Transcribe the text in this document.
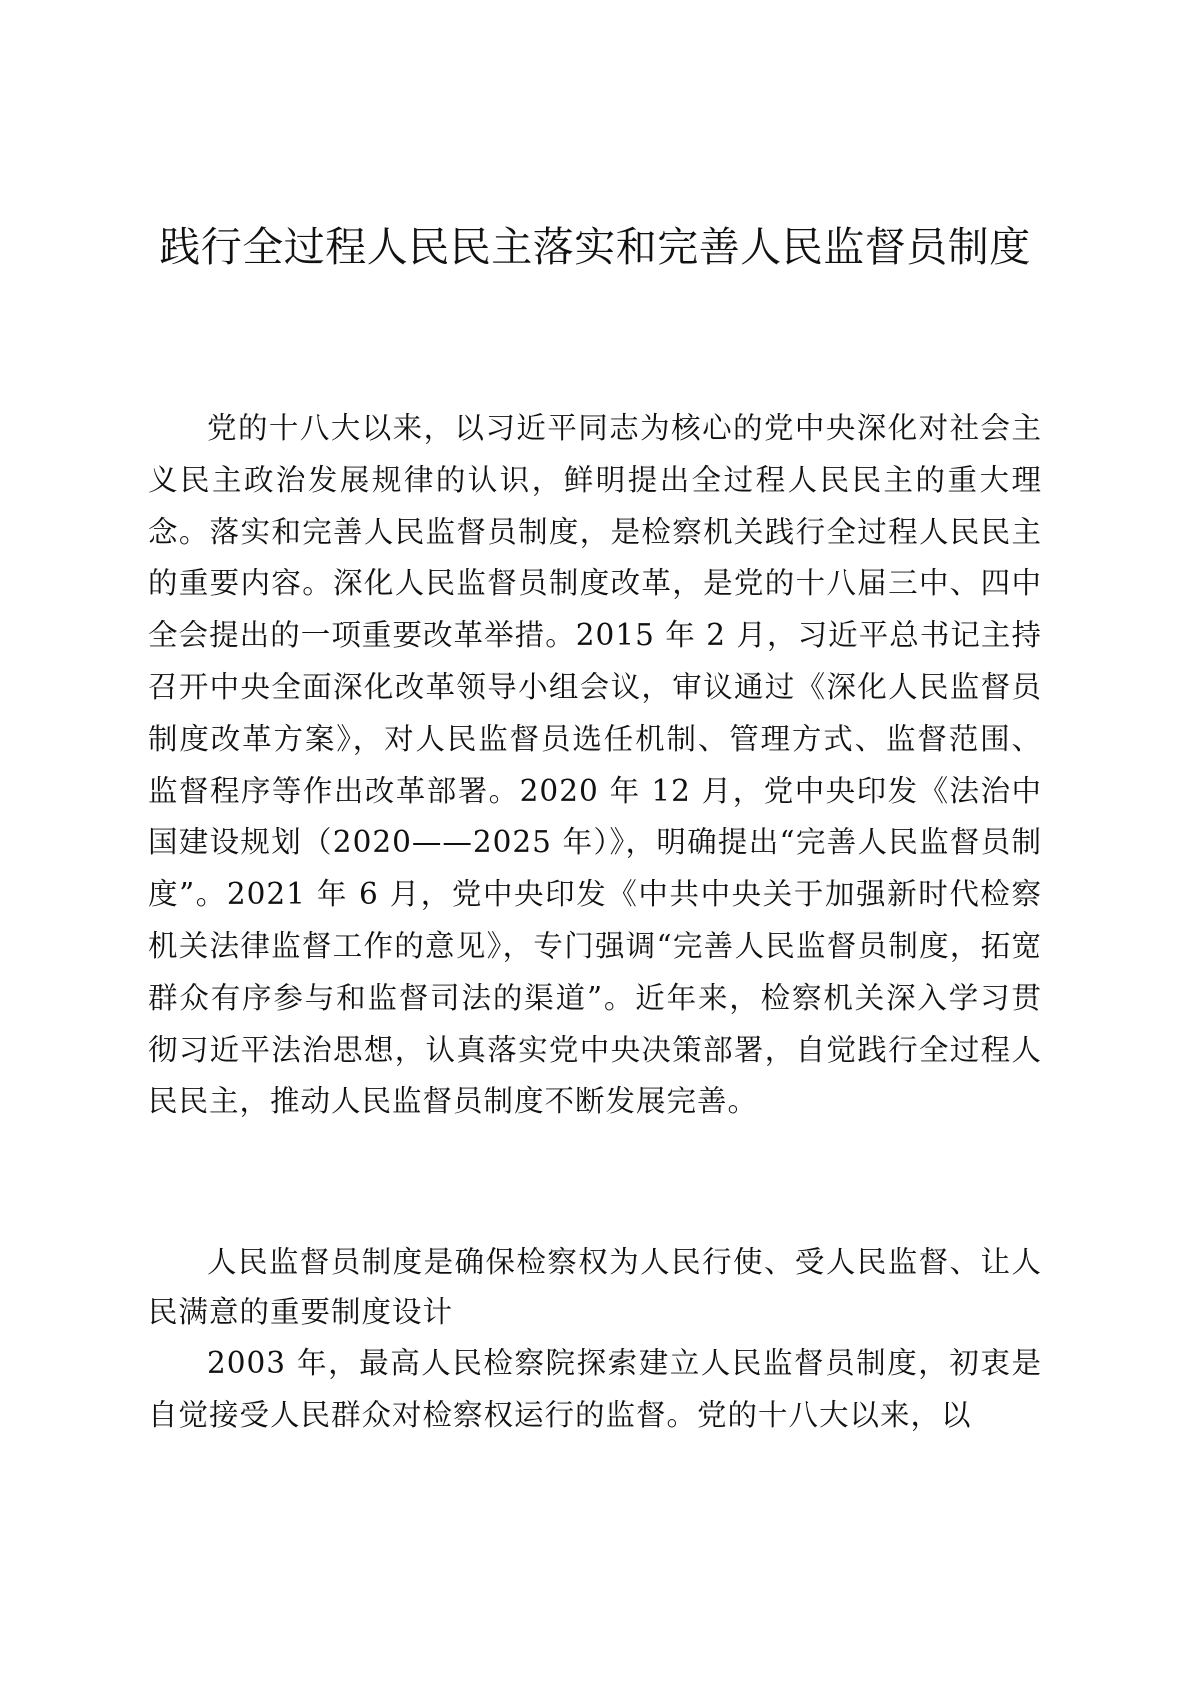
践行全过程人民民主落实和完善人民监督员制度

党的十八大以来，以习近平同志为核心的党中央深化对社会主义民主政治发展规律的认识，鲜明提出全过程人民民主的重大理念。落实和完善人民监督员制度，是检察机关践行全过程人民民主的重要内容。深化人民监督员制度改革，是党的十八届三中、四中全会提出的一项重要改革举措。2015 年 2 月，习近平总书记主持召开中央全面深化改革领导小组会议，审议通过《深化人民监督员制度改革方案》，对人民监督员选任机制、管理方式、监督范围、监督程序等作出改革部署。2020 年 12 月，党中央印发《法治中国建设规划（2020——2025 年）》，明确提出“完善人民监督员制度”。2021 年 6 月，党中央印发《中共中央关于加强新时代检察机关法律监督工作的意见》，专门强调“完善人民监督员制度，拓宽群众有序参与和监督司法的渠道”。近年来，检察机关深入学习贯彻习近平法治思想，认真落实党中央决策部署，自觉践行全过程人民民主，推动人民监督员制度不断发展完善。

人民监督员制度是确保检察权为人民行使、受人民监督、让人民满意的重要制度设计

2003 年，最高人民检察院探索建立人民监督员制度，初衷是自觉接受人民群众对检察权运行的监督。党的十八大以来，以
